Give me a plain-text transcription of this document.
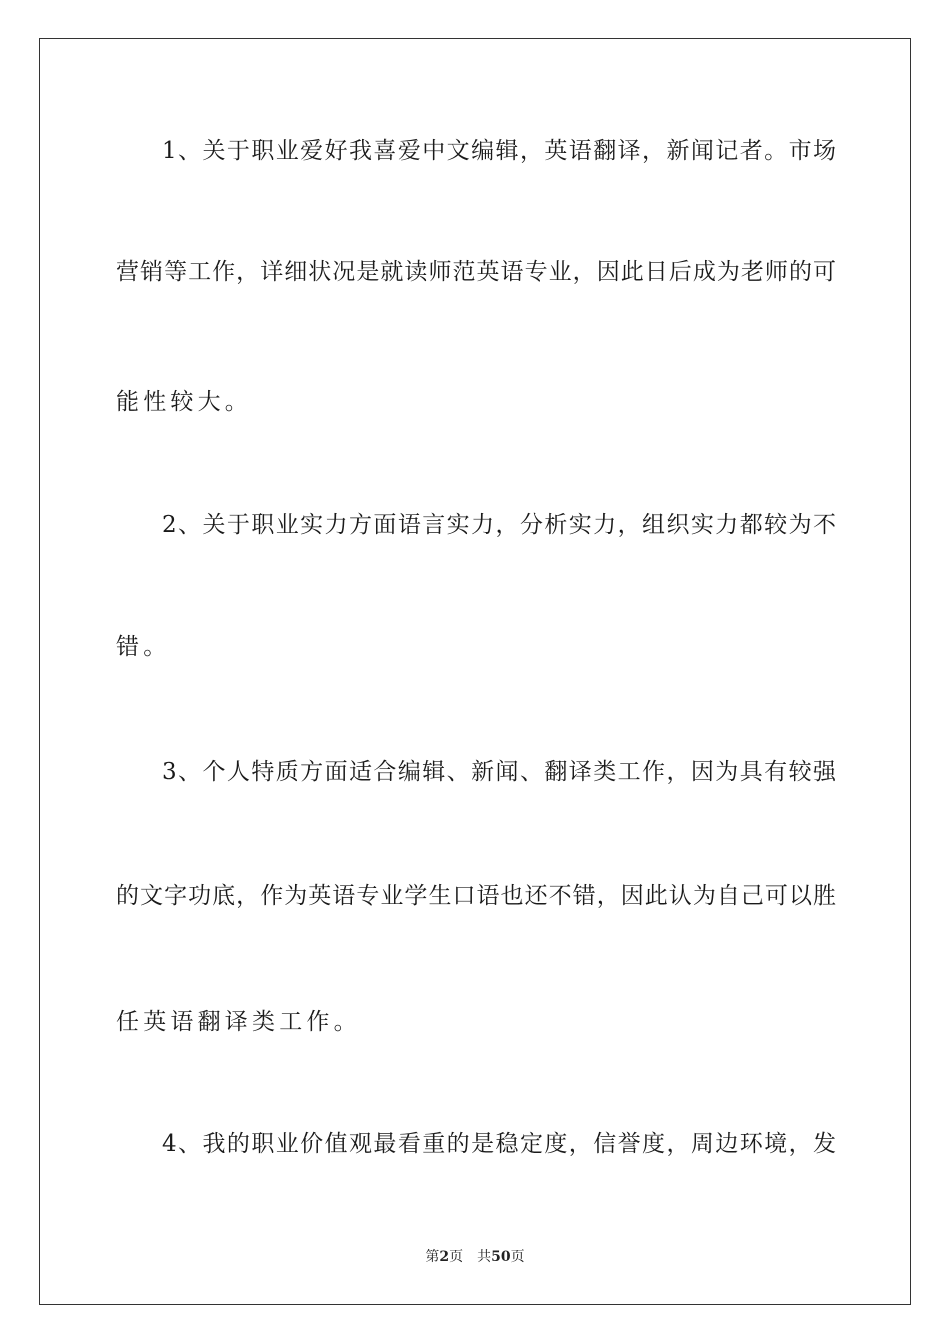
1、关于职业爱好我喜爱中文编辑，英语翻译，新闻记者。市场
营销等工作，详细状况是就读师范英语专业，因此日后成为老师的可
能性较大。
2、关于职业实力方面语言实力，分析实力，组织实力都较为不
错。
3、个人特质方面适合编辑、新闻、翻译类工作，因为具有较强
的文字功底，作为英语专业学生口语也还不错，因此认为自己可以胜
任英语翻译类工作。
4、我的职业价值观最看重的是稳定度，信誉度，周边环境，发
第2页 共50页
